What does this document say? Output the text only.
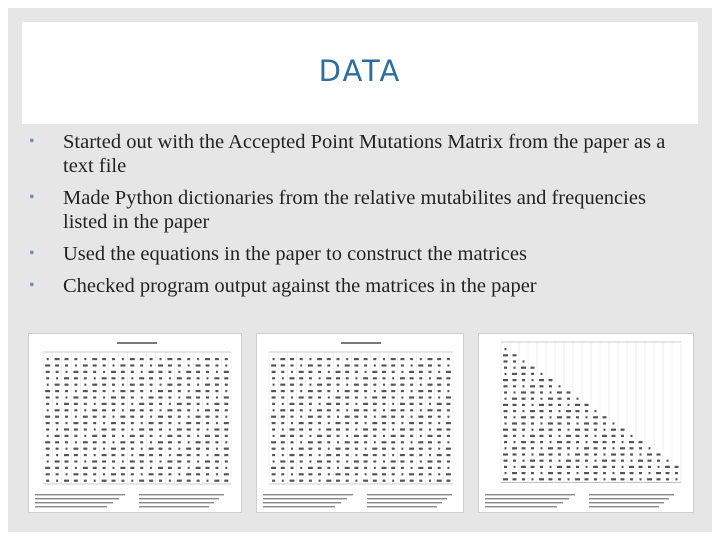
DATA
•	Started out with the Accepted Point Mutations Matrix from the paper as a text file
•	Made Python dictionaries from the relative mutabilites and frequencies listed in the paper
•	Used the equations in the paper to construct the matrices
•	Checked program output against the matrices in the paper
